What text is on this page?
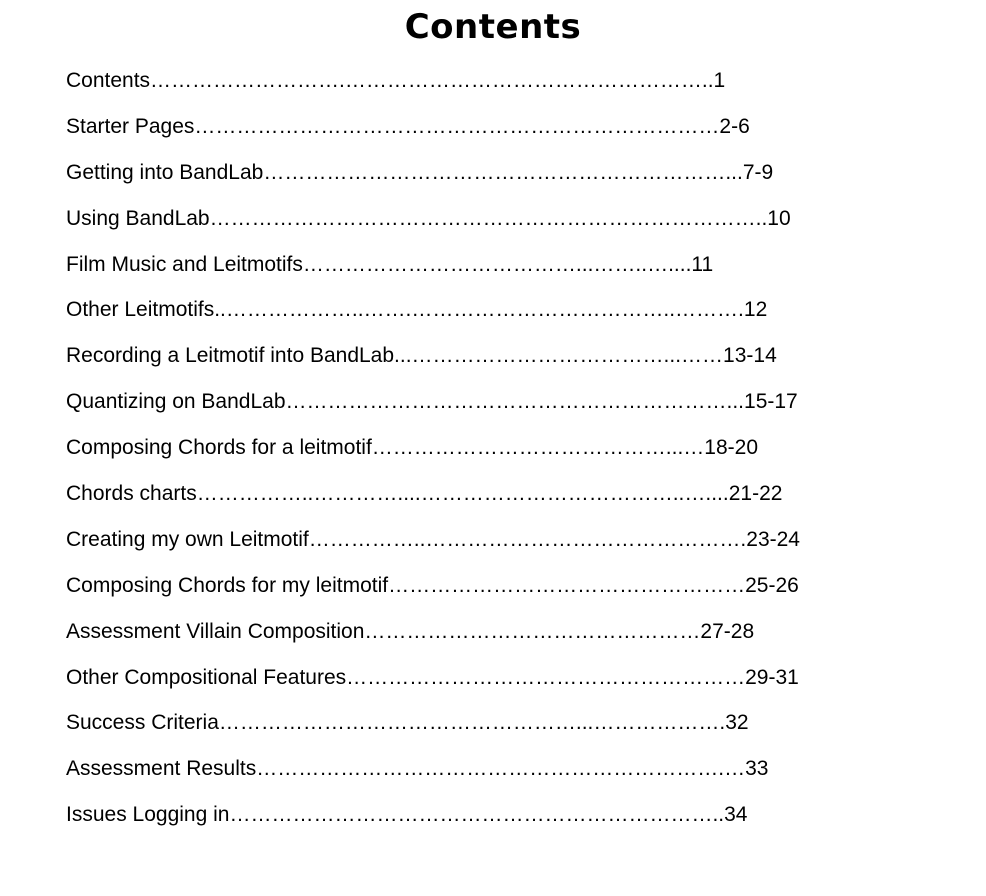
Contents
Contents……………………….……………………………………………..1
Starter Pages…………………………………………………………………2-6
Getting into BandLab…………………………………………………………...7-9
Using BandLab……………………………………………………………………..10
Film Music and Leitmotifs…………………………………...……..…....11
Other Leitmotifs..………………..…….………………………………..……….12
Recording a Leitmotif into BandLab...………………………………...……13-14
Quantizing on BandLab………………………………………………………...15-17
Composing Chords for a leitmotif……………………………………...…18-20
Chords charts……………..…………....………………………………..…....21-22
Creating my own Leitmotif……………..……………………………………….23-24
Composing Chords for my leitmotif……………………………………………25-26
Assessment Villain Composition…………………………………………27-28
Other Compositional Features…………………………………………………29-31
Success Criteria……………………………………………...……………….32
Assessment Results………………………………………………………….…33
Issues Logging in……………………………………………………………..34
